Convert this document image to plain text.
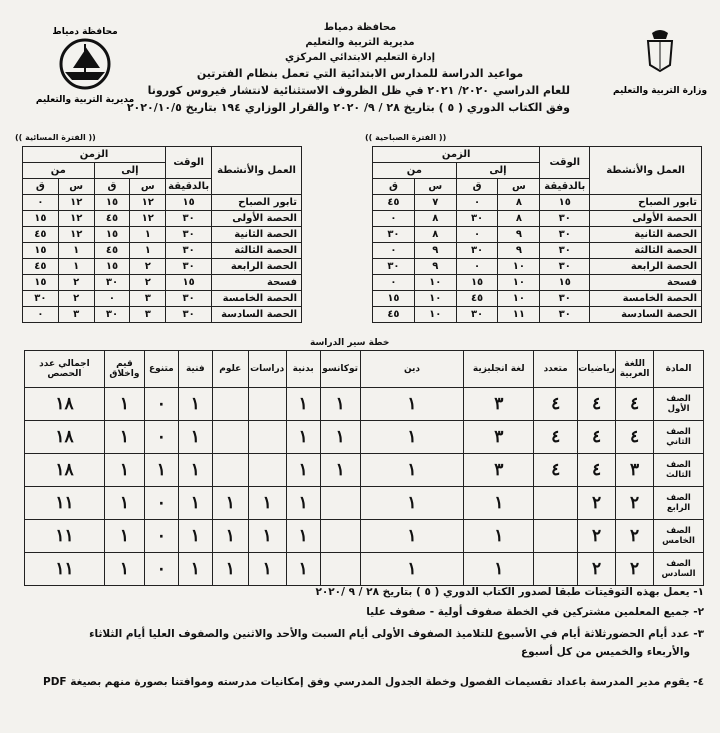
محافظة دمياط
مديرية التربية والتعليم
وزارة التربية والتعليم
محافظة دمياط
مديرية التربية والتعليم
إدارة التعليم الابتدائي المركزي
مواعيد الدراسة للمدارس الابتدائية التي تعمل بنظام الفترتين
للعام الدراسي ٢٠٢٠/ ٢٠٢١ في ظل الظروف الاستثنائية لانتشار فيروس كورونا
وفق الكتاب الدوري ( ٥ ) بتاريخ ٢٨ / ٩/ ٢٠٢٠ والقرار الوزاري ١٩٤ بتاريخ ٢٠٢٠/١٠/٥
(( الفترة الصباحية ))
(( الفترة المسائية ))
العمل والأنشطة	الوقت	الزمن			
		إلى		من	
	بالدقيقة	س	ق	س	ق
تابور الصباح	١٥	١٢	١٥	١٢	٠
الحصة الأولى	٣٠	١٢	٤٥	١٢	١٥
الحصة الثانية	٣٠	١	١٥	١٢	٤٥
الحصة الثالثة	٣٠	١	٤٥	١	١٥
الحصة الرابعة	٣٠	٢	١٥	١	٤٥
فسحة	١٥	٢	٣٠	٢	١٥
الحصة الخامسة	٣٠	٣	٠	٢	٣٠
الحصة السادسة	٣٠	٣	٣٠	٣	٠
العمل والأنشطة	الوقت	الزمن			
		إلى		من	
	بالدقيقة	س	ق	س	ق
تابور الصباح	١٥	٨	٠	٧	٤٥
الحصة الأولى	٣٠	٨	٣٠	٨	٠
الحصة الثانية	٣٠	٩	٠	٨	٣٠
الحصة الثالثة	٣٠	٩	٣٠	٩	٠
الحصة الرابعة	٣٠	١٠	٠	٩	٣٠
فسحة	١٥	١٠	١٥	١٠	٠
الحصة الخامسة	٣٠	١٠	٤٥	١٠	١٥
الحصة السادسة	٣٠	١١	٣٠	١٠	٤٥
خطة سير الدراسة
المادة	اللغة العربية	رياضيات	متعدد	لغة انجليزية	دين	توكانسو	بدنية	دراسات	علوم	فنية	متنوع	قيم واخلاق	اجمالي عدد الحصص
الصف الأول	٤	٤	٤	٣	١	١	١			١	٠	١	١٨
الصف الثاني	٤	٤	٤	٣	١	١	١			١	٠	١	١٨
الصف الثالث	٣	٤	٤	٣	١	١	١			١	١	١	١٨
الصف الرابع	٢	٢		١	١		١	١	١	١	٠	١	١١
الصف الخامس	٢	٢		١	١		١	١	١	١	٠	١	١١
الصف السادس	٢	٢		١	١		١	١	١	١	٠	١	١١
١- يعمل بهذه التوقيتات طبقا لصدور الكتاب الدوري ( ٥ ) بتاريخ ٢٨ / ٩ /٢٠٢٠
٢- جميع المعلمين مشتركين في الخطة صفوف أولية - صفوف عليا
٣- عدد أيام الحضورثلاثة أيام في الأسبوع للتلاميذ الصفوف الأولى أيام السبت والأحد والاثنين والصفوف العليا أيام الثلاثاء
والأربعاء والخميس من كل أسبوع
٤- يقوم مدير المدرسة باعداد تقسيمات الفصول وخطة الجدول المدرسي وفق إمكانيات مدرسته وموافتنا بصورة منهم بصيغة PDF
